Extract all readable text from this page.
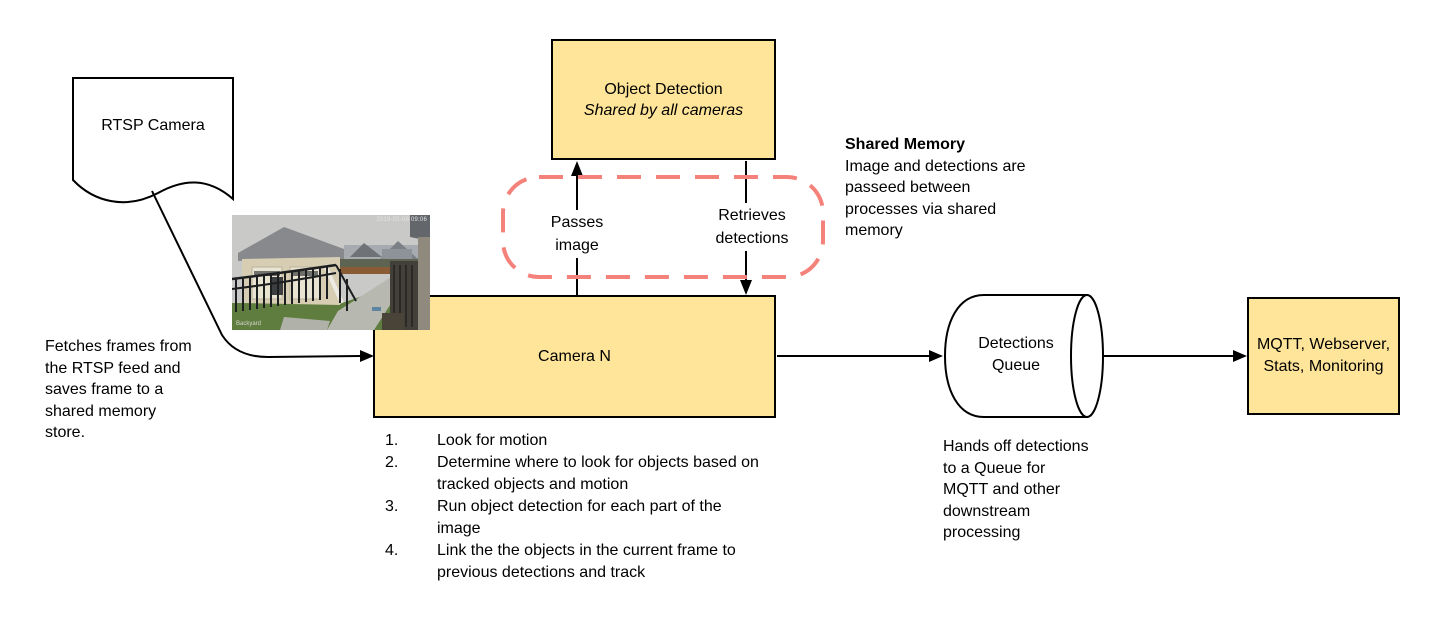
RTSP Camera
Fetches frames from
the RTSP feed and
saves frame to a
shared memory
store.
Object Detection
Shared by all cameras
Shared Memory
Image and detections are
passeed between
processes via shared
memory
Passes
image
Retrieves
detections
Camera N
1.	Look for motion
2.	Determine where to look for objects based on tracked objects and motion
3.	Run object detection for each part of the image
4.	Link the the objects in the current frame to previous detections and track
2019-02-06 09:06
Backyard
Detections
Queue
Hands off detections
to a Queue for
MQTT and other
downstream
processing
MQTT, Webserver,
Stats, Monitoring
